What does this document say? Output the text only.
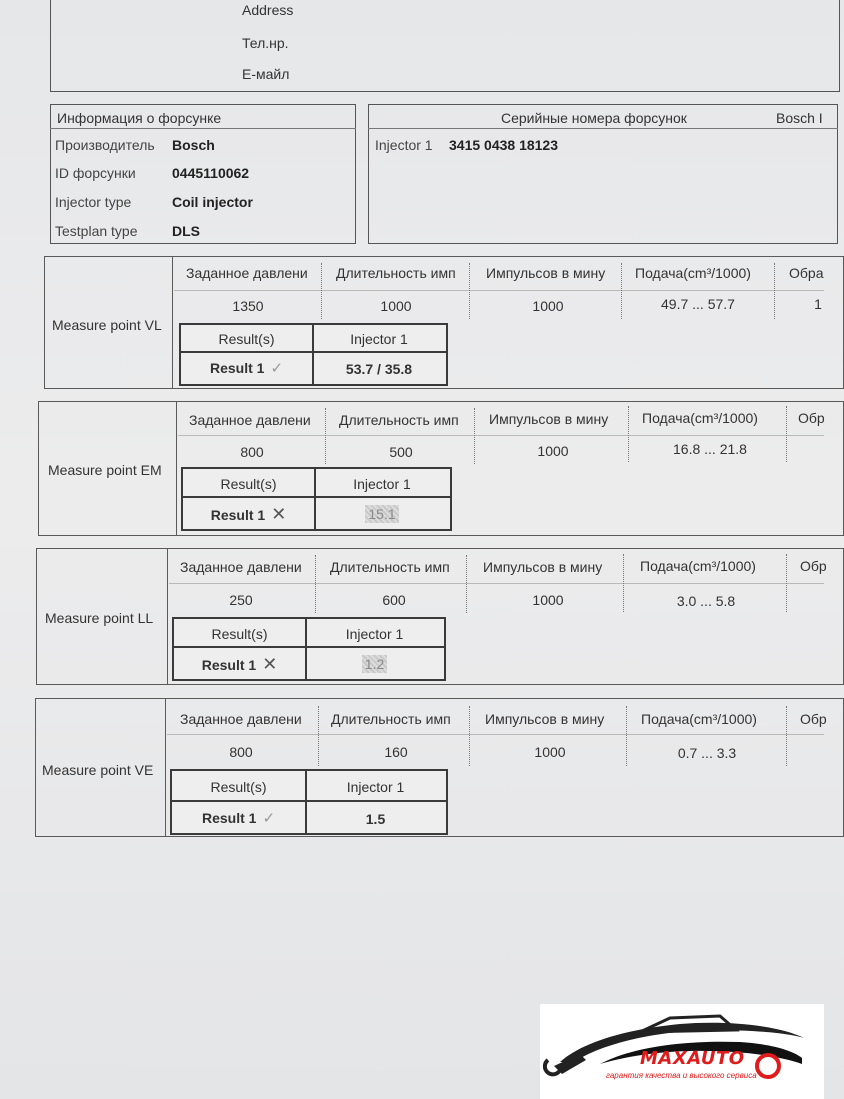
Address
Тел.нр.
Е-майл
Информация о форсунке
Производитель Bosch
ID форсунки	0445110062
Injector type	Coil injector
Testplan type DLS
Серийные номера форсунок	Bosch I
Injector 1 3415 0438 18123
Measure point VL
Заданное давлени	Длительность имп	Импульсов в мину	Подача(cm³/1000)	Обра
1350	1000	1000	49.7 ... 57.7	1
Result(s)	Injector 1
Result 1 ✓	53.7 / 35.8
Measure point EM
Заданное давлени	Длительность имп	Импульсов в мину	Подача(cm³/1000)	Обр
800	500	1000	16.8 ... 21.8
Result(s)	Injector 1
Result 1 ✕	15.1
Measure point LL
Заданное давлени	Длительность имп	Импульсов в мину	Подача(cm³/1000)	Обр
250	600	1000	3.0 ... 5.8
Result(s)	Injector 1
Result 1 ✕	1.2
Measure point VE
Заданное давлени	Длительность имп	Импульсов в мину	Подача(cm³/1000)	Обр
800	160	1000	0.7 ... 3.3
Result(s)	Injector 1
Result 1 ✓	1.5
MAXAUTO
гарантия качества и высокого сервиса
